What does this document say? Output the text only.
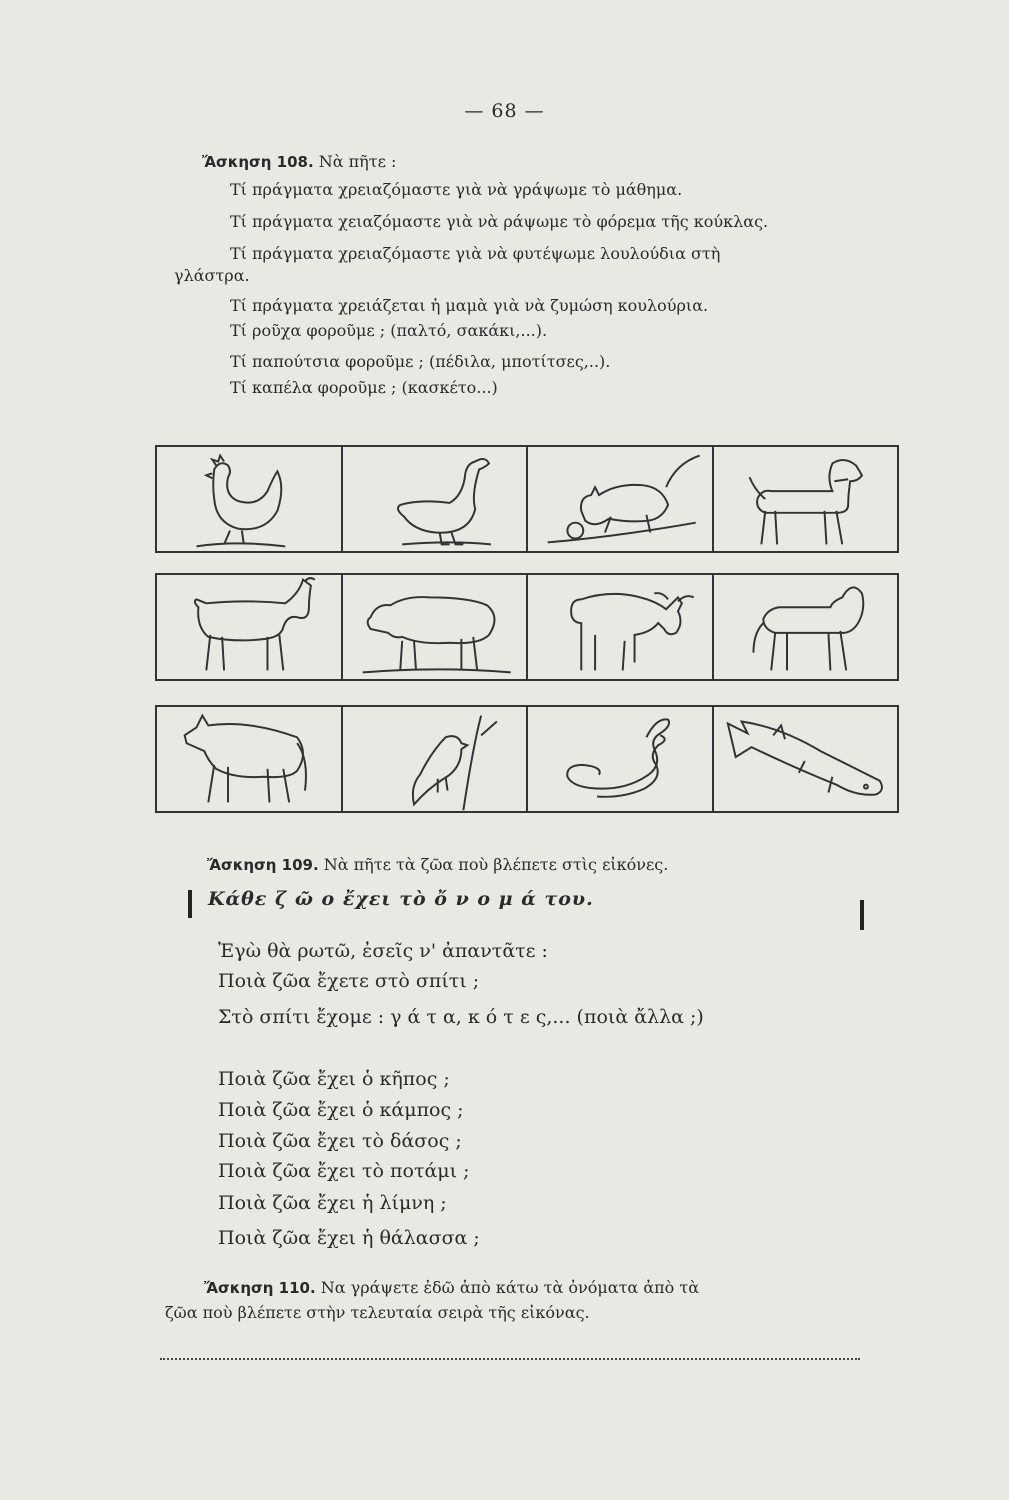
— 68 —
Ἄσκηση 108. Νὰ πῆτε :
Τί πράγματα χρειαζόμαστε γιὰ νὰ γράψωμε τὸ μάθημα.
Τί πράγματα χειαζόμαστε γιὰ νὰ ράψωμε τὸ φόρεμα τῆς κούκλας.
Τί πράγματα χρειαζόμαστε γιὰ νὰ φυτέψωμε λουλούδια στὴ
γλάστρα.
Τί πράγματα χρειάζεται ἡ μαμὰ γιὰ νὰ ζυμώση κουλούρια.
Τί ροῦχα φοροῦμε ; (παλτό, σακάκι,...).
Τί παπούτσια φοροῦμε ; (πέδιλα, μποτίτσες,..).
Τί καπέλα φοροῦμε ; (κασκέτο...)
Ἄσκηση 109. Νὰ πῆτε τὰ ζῶα ποὺ βλέπετε στὶς εἰκόνες.
Κάθε ζ ῶ ο ἔχει τὸ ὄ ν ο μ ά του.
Ἐγὼ θὰ ρωτῶ, ἐσεῖς ν' ἀπαντᾶτε :
Ποιὰ ζῶα ἔχετε στὸ σπίτι ;
Στὸ σπίτι ἔχομε : γ ά τ α, κ ό τ ε ς,... (ποιὰ ἄλλα ;)
Ποιὰ ζῶα ἔχει ὁ κῆπος ;
Ποιὰ ζῶα ἔχει ὁ κάμπος ;
Ποιὰ ζῶα ἔχει τὸ δάσος ;
Ποιὰ ζῶα ἔχει τὸ ποτάμι ;
Ποιὰ ζῶα ἔχει ἡ λίμνη ;
Ποιὰ ζῶα ἔχει ἡ θάλασσα ;
Ἄσκηση 110. Να γράψετε ἐδῶ ἀπὸ κάτω τὰ ὀνόματα ἀπὸ τὰ
ζῶα ποὺ βλέπετε στὴν τελευταία σειρὰ τῆς εἰκόνας.
